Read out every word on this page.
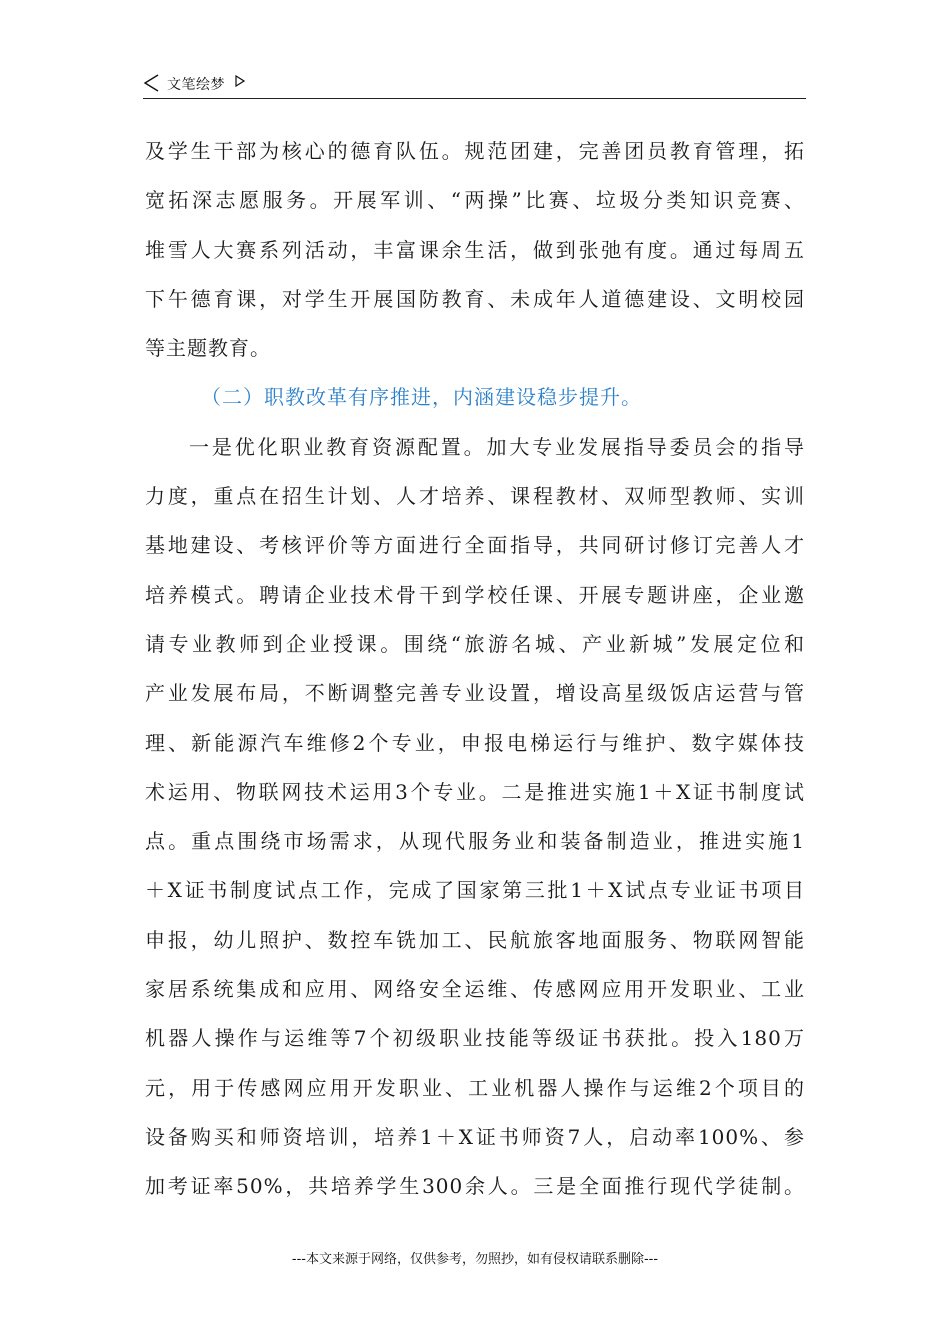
文笔绘梦
及学生干部为核心的德育队伍。规范团建，完善团员教育管理，拓
宽拓深志愿服务。开展军训、“两操”比赛、垃圾分类知识竞赛、
堆雪人大赛系列活动，丰富课余生活，做到张弛有度。通过每周五
下午德育课，对学生开展国防教育、未成年人道德建设、文明校园
等主题教育。
（二）职教改革有序推进，内涵建设稳步提升。
一是优化职业教育资源配置。加大专业发展指导委员会的指导
力度，重点在招生计划、人才培养、课程教材、双师型教师、实训
基地建设、考核评价等方面进行全面指导，共同研讨修订完善人才
培养模式。聘请企业技术骨干到学校任课、开展专题讲座，企业邀
请专业教师到企业授课。围绕“旅游名城、产业新城”发展定位和
产业发展布局，不断调整完善专业设置，增设高星级饭店运营与管
理、新能源汽车维修2个专业，申报电梯运行与维护、数字媒体技
术运用、物联网技术运用3个专业。二是推进实施1＋X证书制度试
点。重点围绕市场需求，从现代服务业和装备制造业，推进实施1
＋X证书制度试点工作，完成了国家第三批1＋X试点专业证书项目
申报，幼儿照护、数控车铣加工、民航旅客地面服务、物联网智能
家居系统集成和应用、网络安全运维、传感网应用开发职业、工业
机器人操作与运维等7个初级职业技能等级证书获批。投入180万
元，用于传感网应用开发职业、工业机器人操作与运维2个项目的
设备购买和师资培训，培养1＋X证书师资7人，启动率100%、参
加考证率50%，共培养学生300余人。三是全面推行现代学徒制。
---本文来源于网络，仅供参考，勿照抄，如有侵权请联系删除---
